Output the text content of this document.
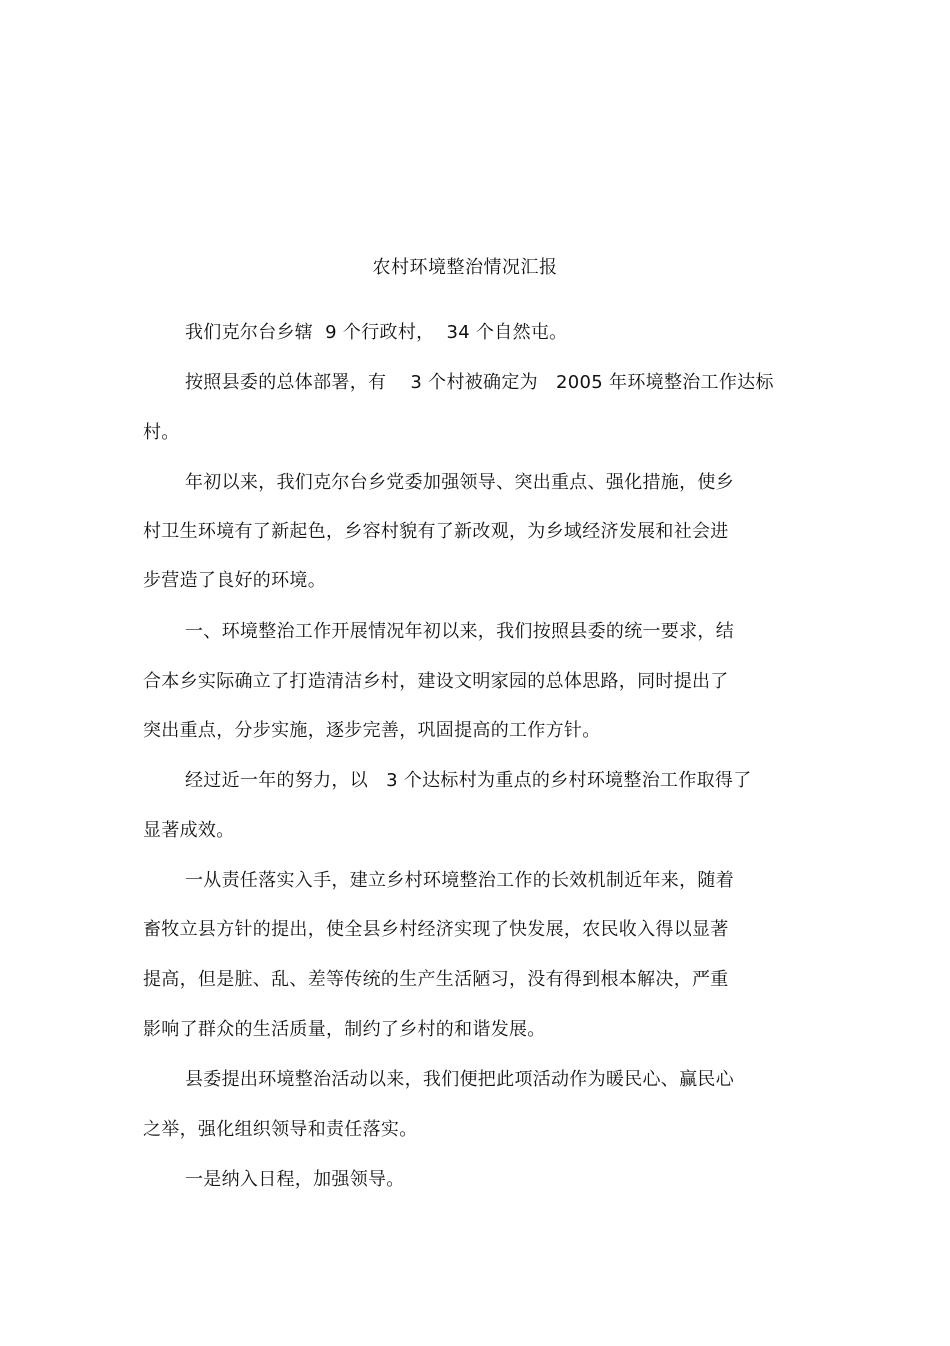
农村环境整治情况汇报
我们克尔台乡辖  9 个行政村，  34 个自然屯。
按照县委的总体部署，有    3 个村被确定为   2005 年环境整治工作达标
村。
年初以来，我们克尔台乡党委加强领导、突出重点、强化措施，使乡
村卫生环境有了新起色，乡容村貌有了新改观，为乡域经济发展和社会进
步营造了良好的环境。
一、环境整治工作开展情况年初以来，我们按照县委的统一要求，结
合本乡实际确立了打造清洁乡村，建设文明家园的总体思路，同时提出了
突出重点，分步实施，逐步完善，巩固提高的工作方针。
经过近一年的努力，以   3 个达标村为重点的乡村环境整治工作取得了
显著成效。
一从责任落实入手，建立乡村环境整治工作的长效机制近年来，随着
畜牧立县方针的提出，使全县乡村经济实现了快发展，农民收入得以显著
提高，但是脏、乱、差等传统的生产生活陋习，没有得到根本解决，严重
影响了群众的生活质量，制约了乡村的和谐发展。
县委提出环境整治活动以来，我们便把此项活动作为暖民心、赢民心
之举，强化组织领导和责任落实。
一是纳入日程，加强领导。
